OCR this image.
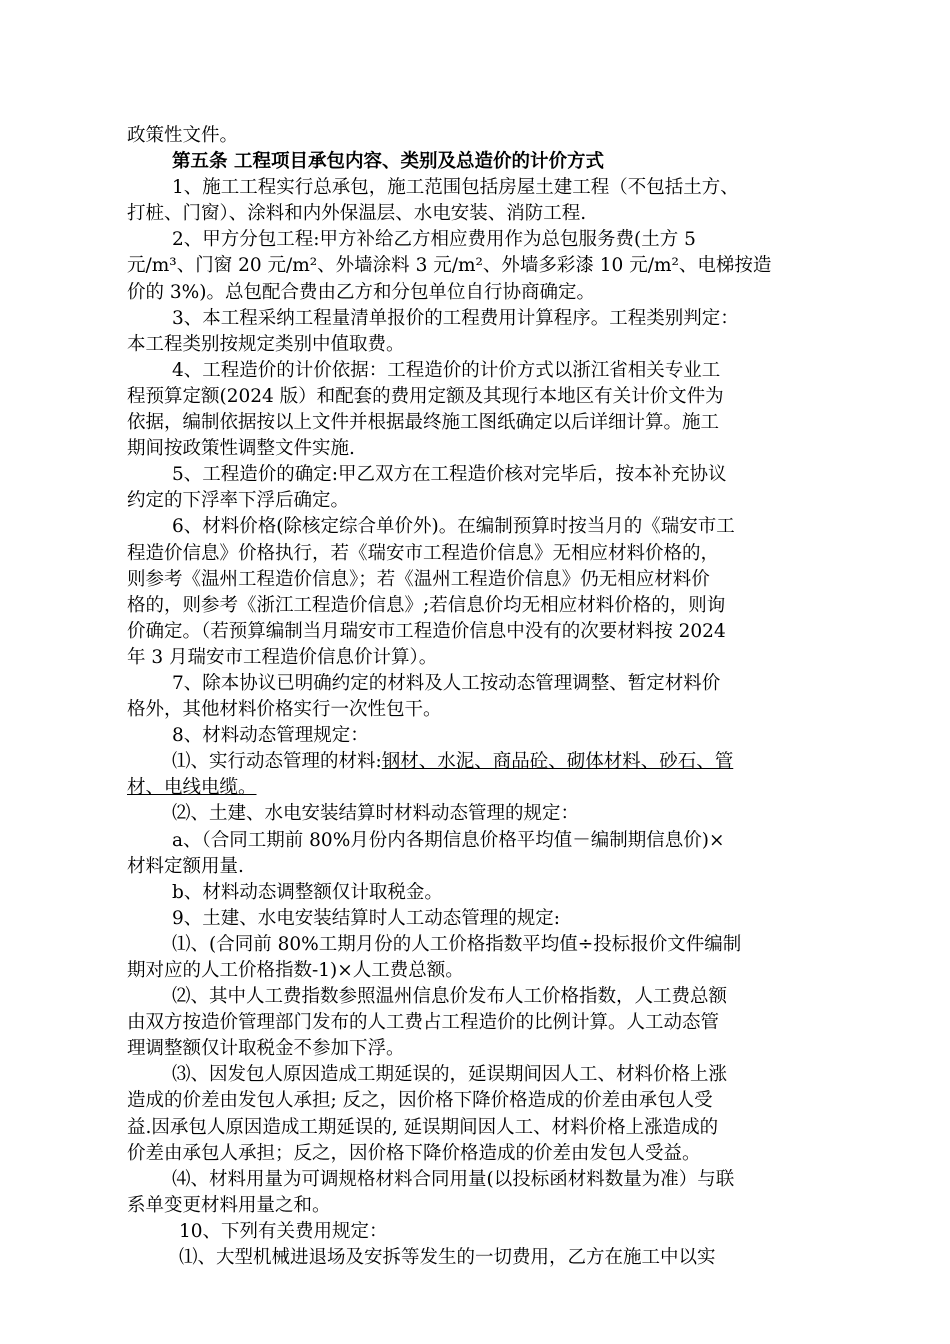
政策性文件。
第五条 工程项目承包内容、类别及总造价的计价方式
1、施工工程实行总承包，施工范围包括房屋土建工程（不包括土方、
打桩、门窗）、涂料和内外保温层、水电安装、消防工程.
2、甲方分包工程:甲方补给乙方相应费用作为总包服务费(土方 5
元/m³、门窗 20 元/m²、外墙涂料 3 元/m²、外墙多彩漆 10 元/m²、电梯按造
价的 3%)。总包配合费由乙方和分包单位自行协商确定。
3、本工程采纳工程量清单报价的工程费用计算程序。工程类别判定：
本工程类别按规定类别中值取费。
4、工程造价的计价依据：工程造价的计价方式以浙江省相关专业工
程预算定额(2024 版）和配套的费用定额及其现行本地区有关计价文件为
依据，编制依据按以上文件并根据最终施工图纸确定以后详细计算。施工
期间按政策性调整文件实施.
5、工程造价的确定:甲乙双方在工程造价核对完毕后，按本补充协议
约定的下浮率下浮后确定。
6、材料价格(除核定综合单价外)。在编制预算时按当月的《瑞安市工
程造价信息》价格执行，若《瑞安市工程造价信息》无相应材料价格的，
则参考《温州工程造价信息》；若《温州工程造价信息》仍无相应材料价
格的，则参考《浙江工程造价信息》;若信息价均无相应材料价格的，则询
价确定。（若预算编制当月瑞安市工程造价信息中没有的次要材料按 2024
年 3 月瑞安市工程造价信息价计算）。
7、除本协议已明确约定的材料及人工按动态管理调整、暂定材料价
格外，其他材料价格实行一次性包干。
8、材料动态管理规定：
⑴、实行动态管理的材料:钢材、水泥、商品砼、砌体材料、砂石、管
材、电线电缆。
⑵、土建、水电安装结算时材料动态管理的规定：
a、（合同工期前 80%月份内各期信息价格平均值－编制期信息价)×
材料定额用量.
b、材料动态调整额仅计取税金。
9、土建、水电安装结算时人工动态管理的规定:
⑴、(合同前 80%工期月份的人工价格指数平均值÷投标报价文件编制
期对应的人工价格指数-1)×人工费总额。
⑵、其中人工费指数参照温州信息价发布人工价格指数，人工费总额
由双方按造价管理部门发布的人工费占工程造价的比例计算。人工动态管
理调整额仅计取税金不参加下浮。
⑶、因发包人原因造成工期延误的，延误期间因人工、材料价格上涨
造成的价差由发包人承担; 反之，因价格下降价格造成的价差由承包人受
益.因承包人原因造成工期延误的, 延误期间因人工、材料价格上涨造成的
价差由承包人承担；反之，因价格下降价格造成的价差由发包人受益。
⑷、材料用量为可调规格材料合同用量(以投标函材料数量为准）与联
系单变更材料用量之和。
10、下列有关费用规定：
⑴、大型机械进退场及安拆等发生的一切费用，乙方在施工中以实
